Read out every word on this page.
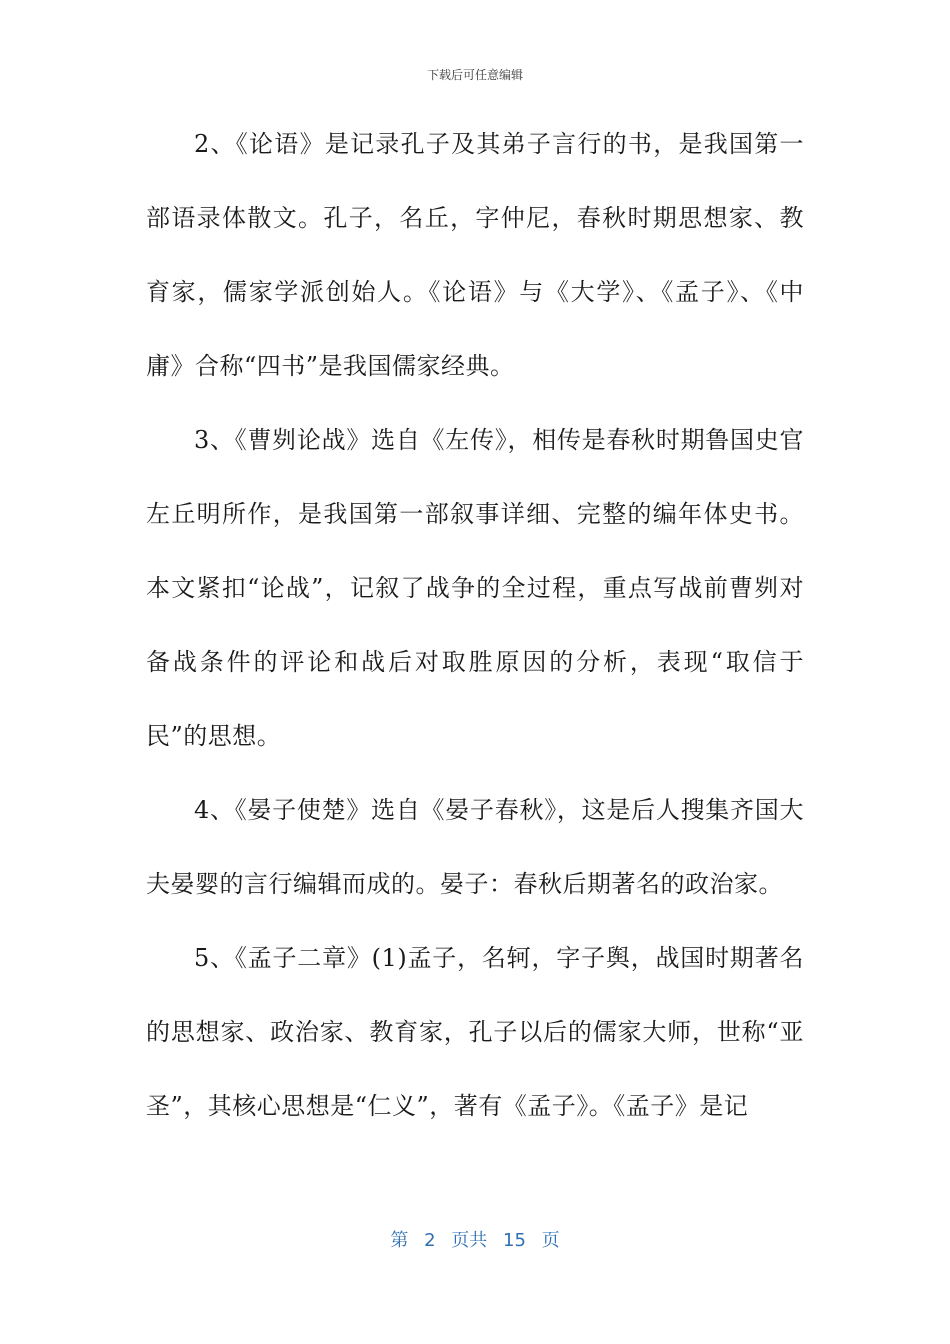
下载后可任意编辑

2、《论语》是记录孔子及其弟子言行的书，是我国第一部语录体散文。孔子，名丘，字仲尼，春秋时期思想家、教育家，儒家学派创始人。《论语》与《大学》、《孟子》、《中庸》合称“四书”是我国儒家经典。

3、《曹刿论战》选自《左传》，相传是春秋时期鲁国史官左丘明所作，是我国第一部叙事详细、完整的编年体史书。本文紧扣“论战”，记叙了战争的全过程，重点写战前曹刿对备战条件的评论和战后对取胜原因的分析，表现“取信于民”的思想。

4、《晏子使楚》选自《晏子春秋》，这是后人搜集齐国大夫晏婴的言行编辑而成的。晏子：春秋后期著名的政治家。

5、《孟子二章》(1)孟子，名轲，字子舆，战国时期著名的思想家、政治家、教育家，孔子以后的儒家大师，世称“亚圣”，其核心思想是“仁义”，著有《孟子》。《孟子》是记

第 2 页共 15 页
